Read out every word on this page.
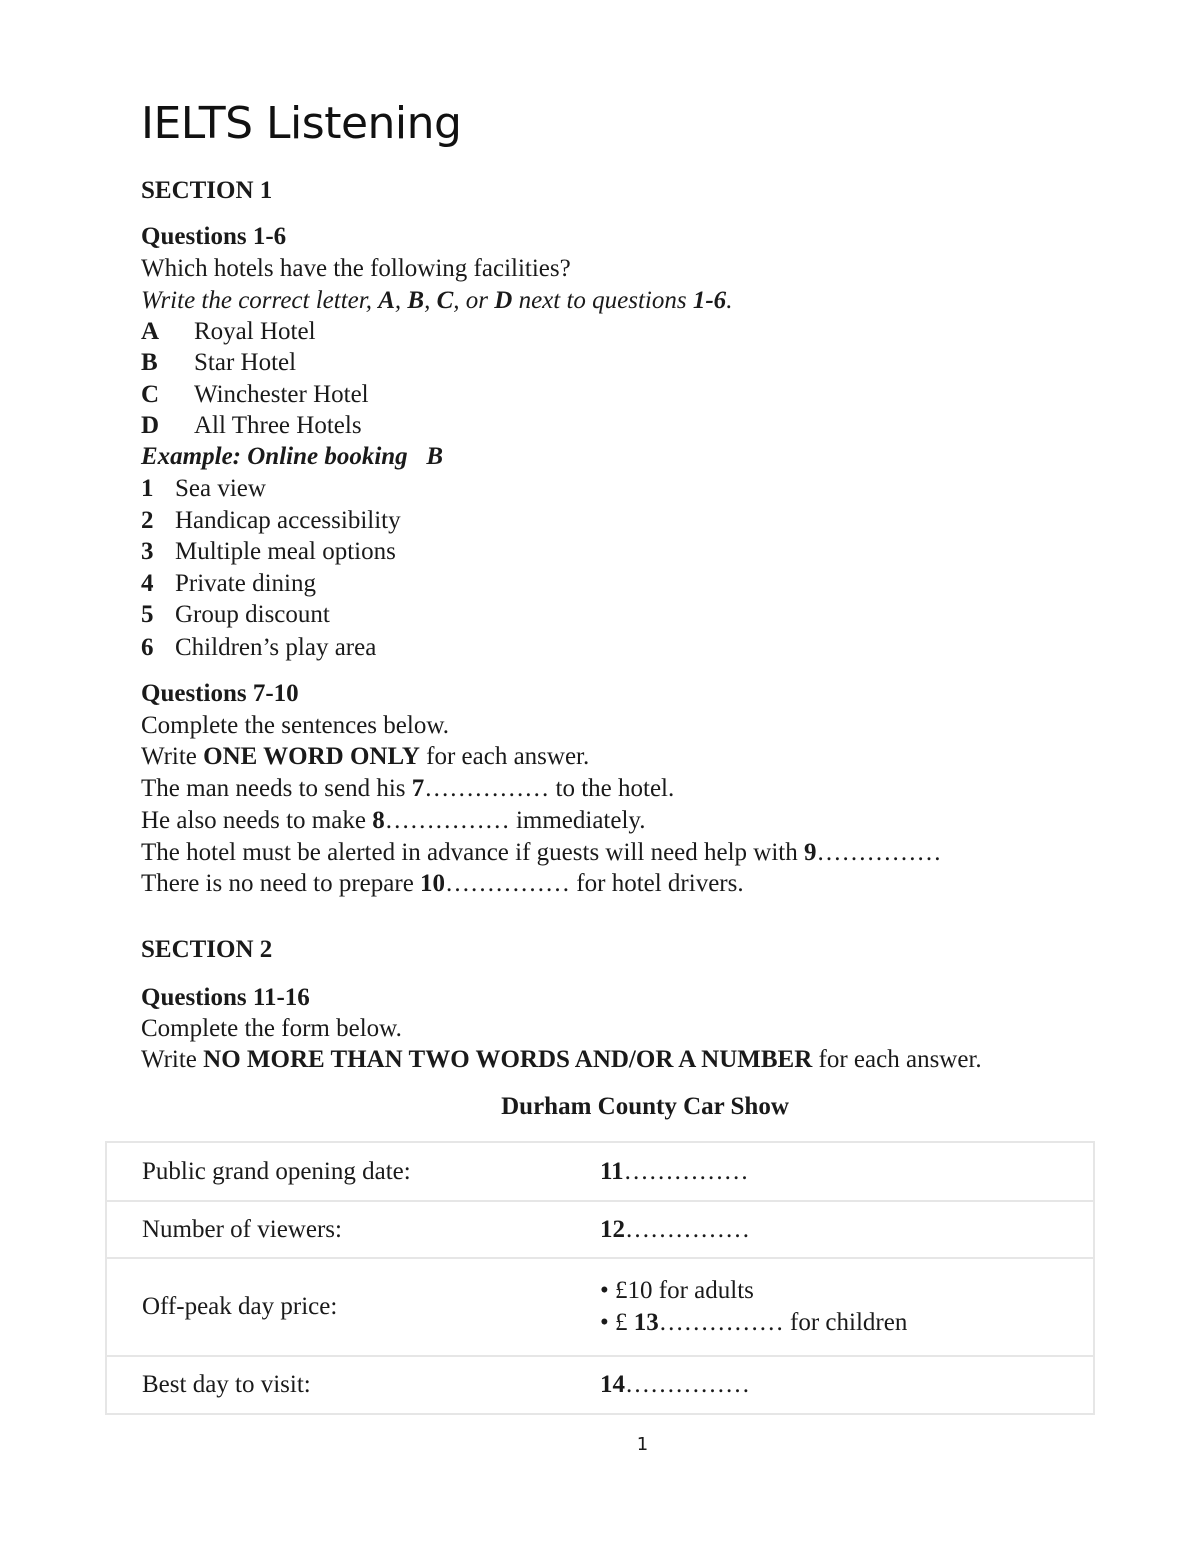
IELTS Listening
SECTION 1
Questions 1-6
Which hotels have the following facilities?
Write the correct letter, A, B, C, or D next to questions 1-6.
A Royal Hotel
B Star Hotel
C Winchester Hotel
D All Three Hotels
Example: Online booking   B
1 Sea view
2 Handicap accessibility
3 Multiple meal options
4 Private dining
5 Group discount
6 Children’s play area
Questions 7-10
Complete the sentences below.
Write ONE WORD ONLY for each answer.
The man needs to send his 7…………… to the hotel.
He also needs to make 8…………… immediately.
The hotel must be alerted in advance if guests will need help with 9……………
There is no need to prepare 10…………… for hotel drivers.
SECTION 2
Questions 11-16
Complete the form below.
Write NO MORE THAN TWO WORDS AND/OR A NUMBER for each answer.
Durham County Car Show
Public grand opening date:	11……………
Number of viewers:	12……………
Off-peak day price:	• £10 for adults
• £ 13…………… for children

Best day to visit:	14……………
1
